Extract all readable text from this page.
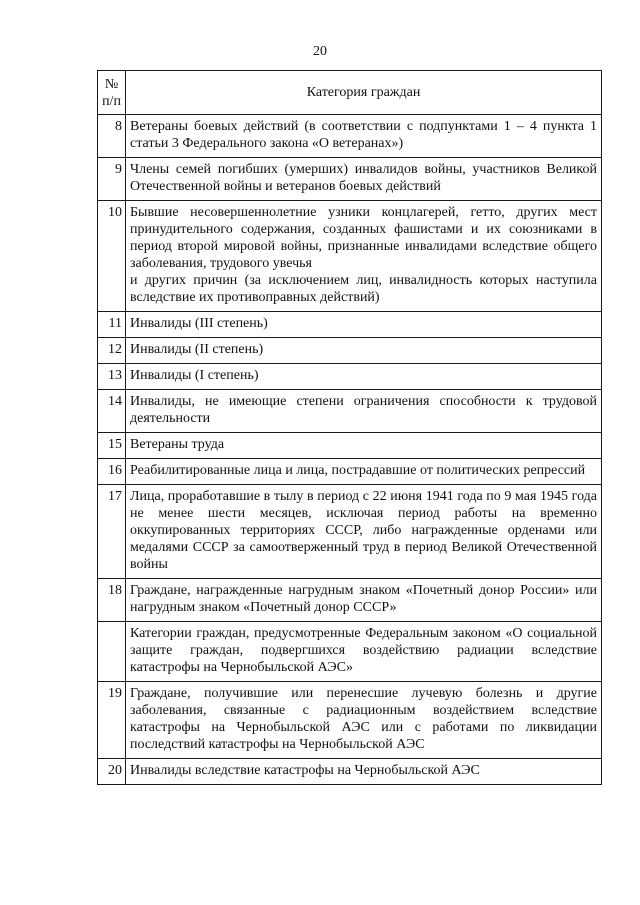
20
№
п/п	Категория граждан
8	Ветераны боевых действий (в соответствии с подпунктами 1 – 4 пункта 1 статьи 3 Федерального закона «О ветеранах»)
9	Члены семей погибших (умерших) инвалидов войны, участников Великой Отечественной войны и ветеранов боевых действий
10	Бывшие несовершеннолетние узники концлагерей, гетто, других мест принудительного содержания, созданных фашистами и их союзниками в период второй мировой войны, признанные инвалидами вследствие общего заболевания, трудового увечья
и других причин (за исключением лиц, инвалидность которых наступила вследствие их противоправных действий)

11	Инвалиды (III степень)
12	Инвалиды (II степень)
13	Инвалиды (I степень)
14	Инвалиды, не имеющие степени ограничения способности к трудовой деятельности
15	Ветераны труда
16	Реабилитированные лица и лица, пострадавшие от политических репрессий
17	Лица, проработавшие в тылу в период с 22 июня 1941 года по 9 мая 1945 года не менее шести месяцев, исключая период работы на временно оккупированных территориях СССР, либо награжденные орденами или медалями СССР за самоотверженный труд в период Великой Отечественной войны
18	Граждане, награжденные нагрудным знаком «Почетный донор России» или нагрудным знаком «Почетный донор СССР»
	Категории граждан, предусмотренные Федеральным законом «О социальной защите граждан, подвергшихся воздействию радиации вследствие катастрофы на Чернобыльской АЭС»
19	Граждане, получившие или перенесшие лучевую болезнь и другие заболевания, связанные с радиационным воздействием вследствие катастрофы на Чернобыльской АЭС или с работами по ликвидации последствий катастрофы на Чернобыльской АЭС
20	Инвалиды вследствие катастрофы на Чернобыльской АЭС
